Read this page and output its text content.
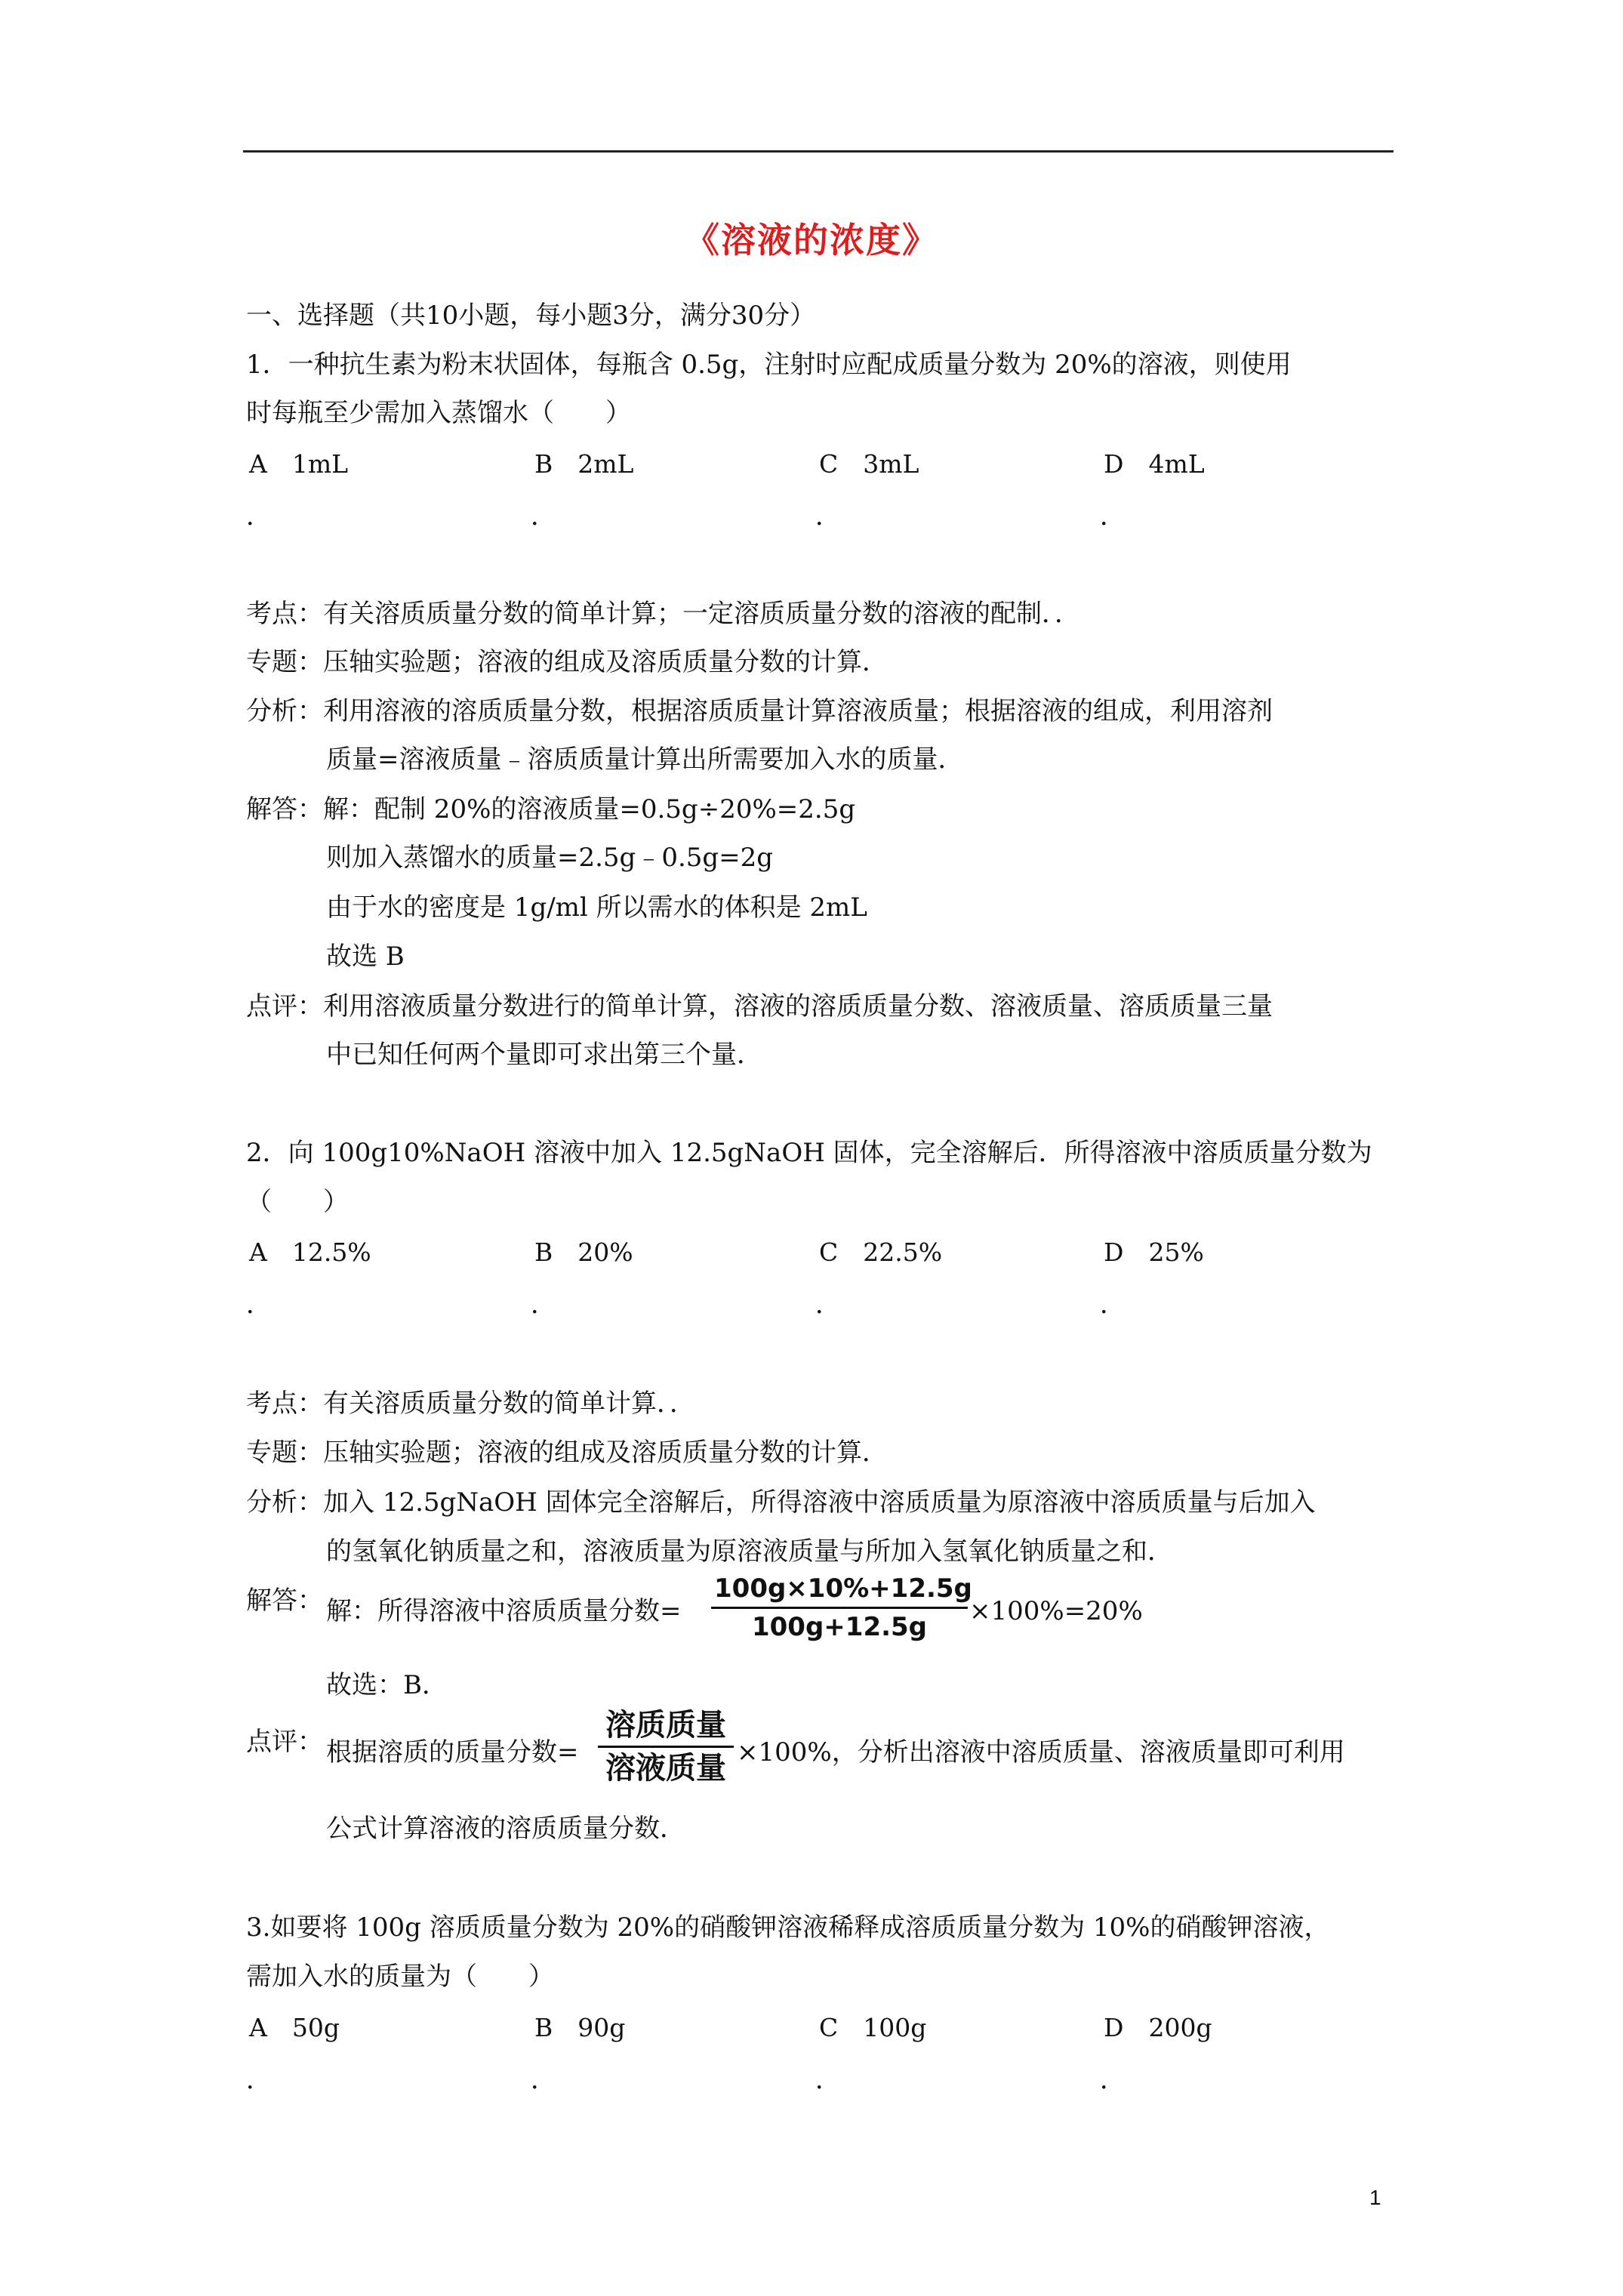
《溶液的浓度》
一、选择题（共10小题，每小题3分，满分30分）
1．一种抗生素为粉末状固体，每瓶含 0.5g，注射时应配成质量分数为 20%的溶液，则使用
时每瓶至少需加入蒸馏水（　　）
A　1mL	B　2mL	C　3mL	D　4mL
．	．	．	．
考点：有关溶质质量分数的简单计算；一定溶质质量分数的溶液的配制．．
专题：压轴实验题；溶液的组成及溶质质量分数的计算．
分析：利用溶液的溶质质量分数，根据溶质质量计算溶液质量；根据溶液的组成，利用溶剂
质量=溶液质量﹣溶质质量计算出所需要加入水的质量．
解答：解：配制 20%的溶液质量=0.5g÷20%=2.5g
则加入蒸馏水的质量=2.5g﹣0.5g=2g
由于水的密度是 1g/ml 所以需水的体积是 2mL
故选 B
点评：利用溶液质量分数进行的简单计算，溶液的溶质质量分数、溶液质量、溶质质量三量
中已知任何两个量即可求出第三个量．
2．向 100g10%NaOH 溶液中加入 12.5gNaOH 固体，完全溶解后．所得溶液中溶质质量分数为
（　　）
A　12.5%	B　20%	C　22.5%	D　25%
．	．	．	．
考点：有关溶质质量分数的简单计算．．
专题：压轴实验题；溶液的组成及溶质质量分数的计算．
分析：加入 12.5gNaOH 固体完全溶解后，所得溶液中溶质质量为原溶液中溶质质量与后加入
的氢氧化钠质量之和，溶液质量为原溶液质量与所加入氢氧化钠质量之和．
解答： 解：所得溶液中溶质质量分数=
100g×10%+12.5g
100g+12.5g
×100%=20%
故选：B．
点评： 根据溶质的质量分数=
溶质质量
溶液质量 ×100%，分析出溶液中溶质质量、溶液质量即可利用
公式计算溶液的溶质质量分数．
3.如要将 100g 溶质质量分数为 20%的硝酸钾溶液稀释成溶质质量分数为 10%的硝酸钾溶液，
需加入水的质量为（　　）
A　50g	B　90g	C　100g	D　200g
．	．	．	．
1
